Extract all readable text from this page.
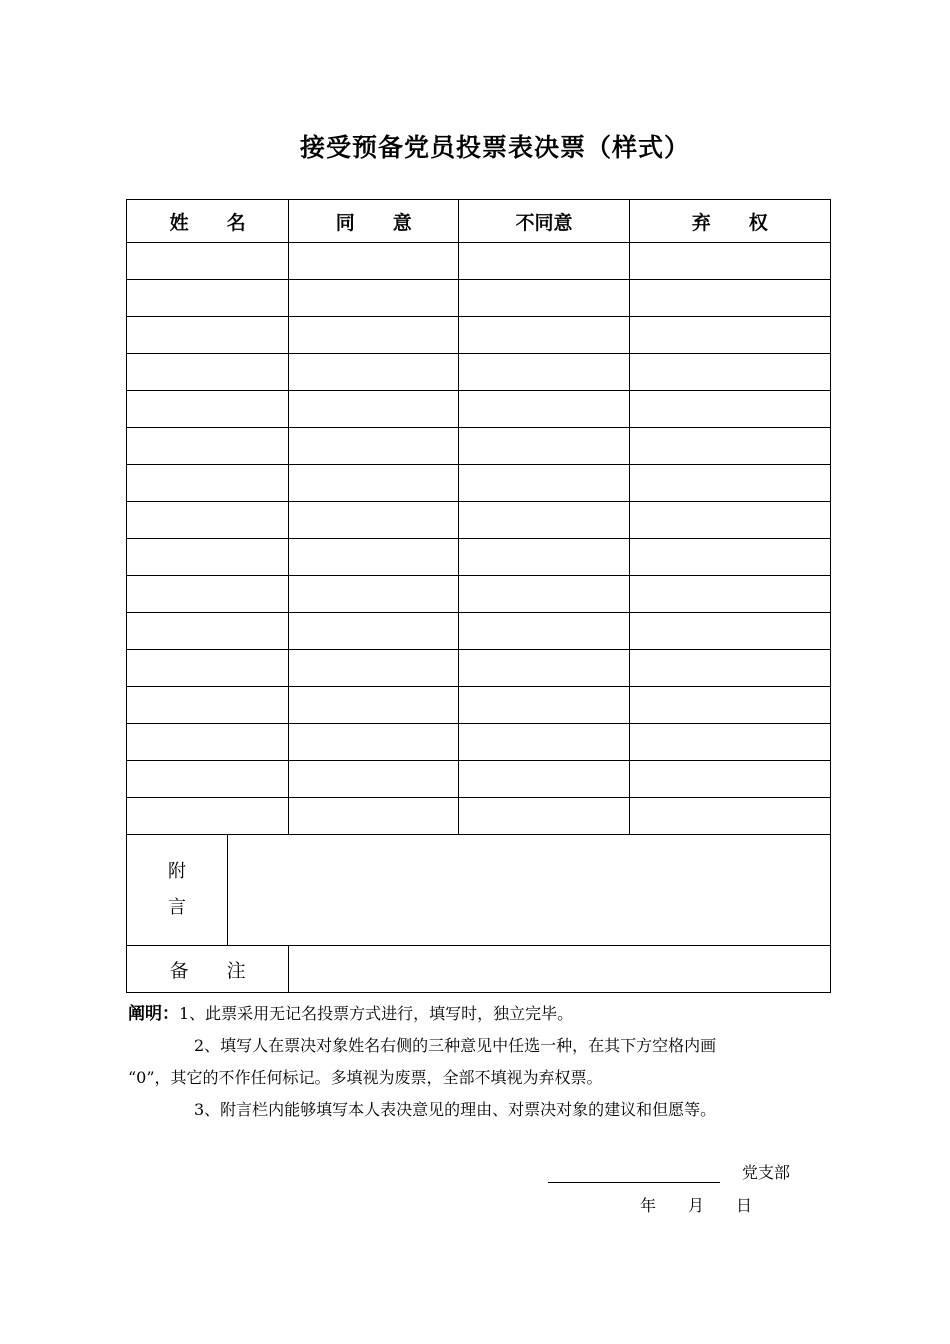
接受预备党员投票表决票（样式）
姓　　名	同　　意	不同意	弃　　权

附
言

备　　注	

阐明：1、此票采用无记名投票方式进行，填写时，独立完毕。

2、填写人在票决对象姓名右侧的三种意见中任选一种，在其下方空格内画

“0”，其它的不作任何标记。多填视为废票，全部不填视为弃权票。

3、附言栏内能够填写本人表决意见的理由、对票决对象的建议和但愿等。

党支部
年　　月　　日
